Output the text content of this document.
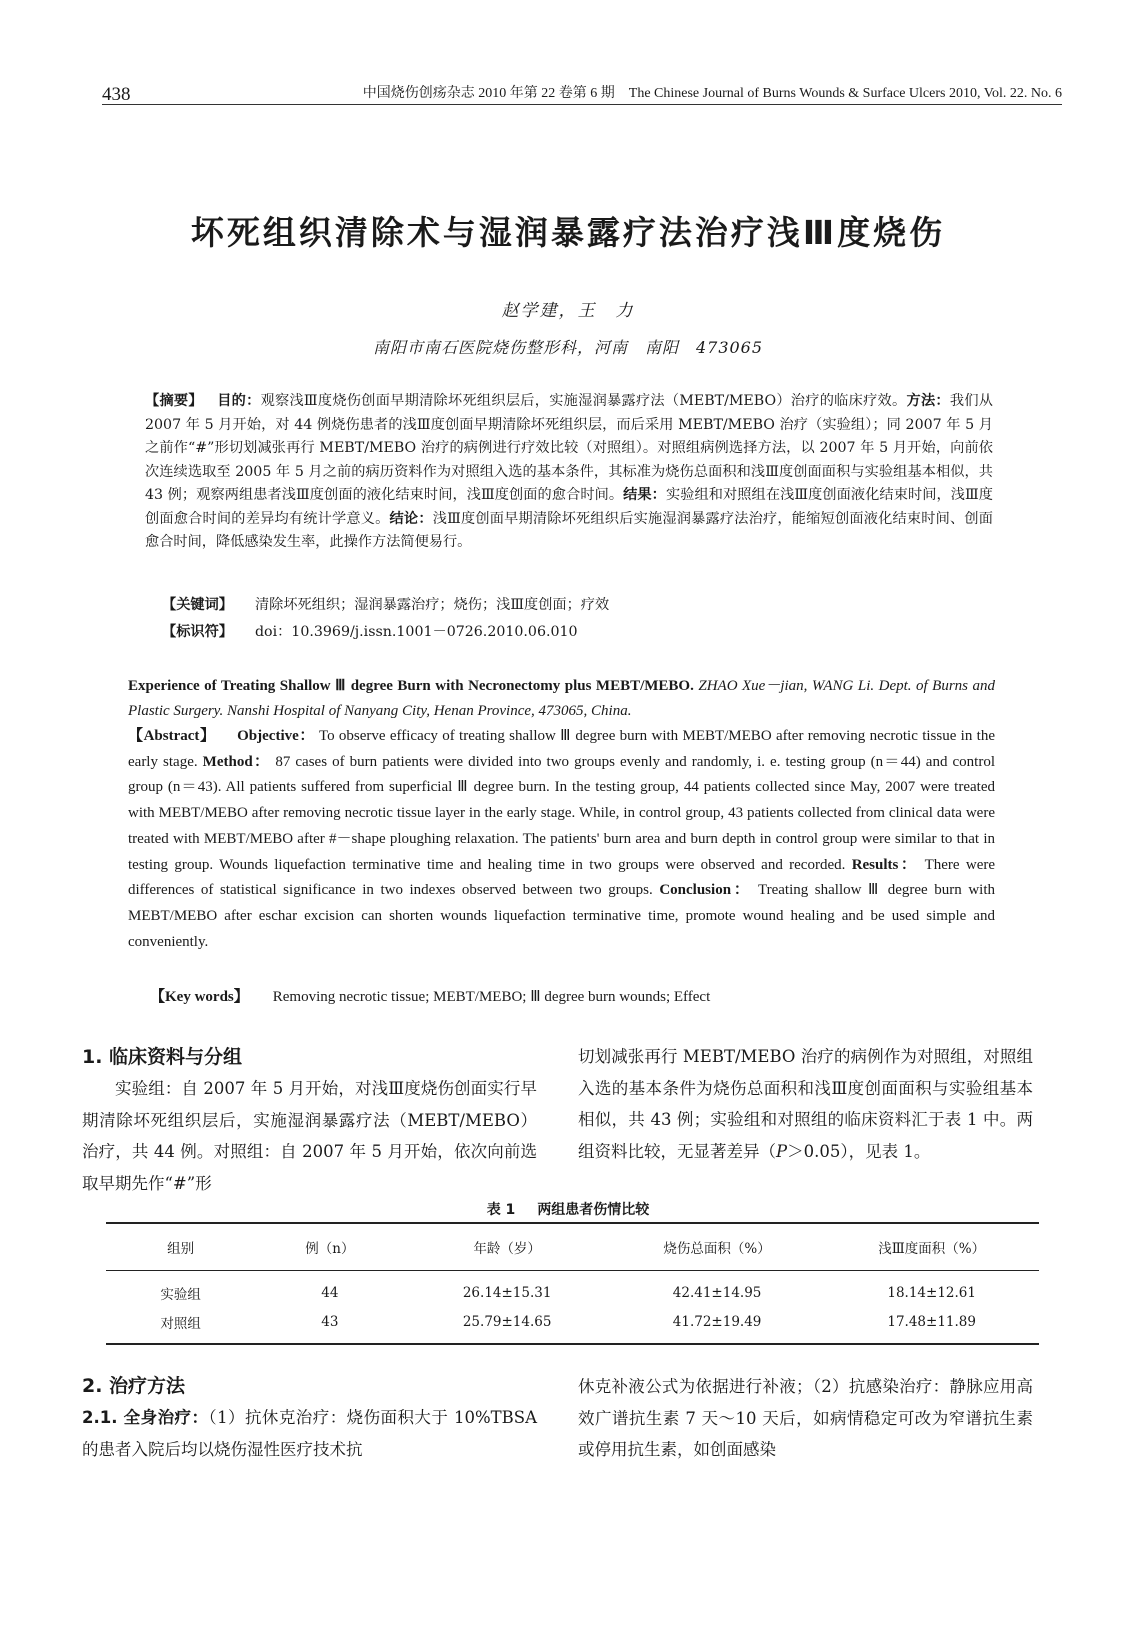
438	中国烧伤创疡杂志 2010 年第 22 卷第 6 期　The Chinese Journal of Burns Wounds & Surface Ulcers 2010, Vol. 22. No. 6
坏死组织清除术与湿润暴露疗法治疗浅Ⅲ度烧伤
赵学建，王　力
南阳市南石医院烧伤整形科，河南　南阳　473065
【摘要】 目的：观察浅Ⅲ度烧伤创面早期清除坏死组织层后，实施湿润暴露疗法（MEBT/MEBO）治疗的临床疗效。方法：我们从 2007 年 5 月开始，对 44 例烧伤患者的浅Ⅲ度创面早期清除坏死组织层，而后采用 MEBT/MEBO 治疗（实验组）；同 2007 年 5 月之前作“#”形切划减张再行 MEBT/MEBO 治疗的病例进行疗效比较（对照组）。对照组病例选择方法，以 2007 年 5 月开始，向前依次连续选取至 2005 年 5 月之前的病历资料作为对照组入选的基本条件，其标准为烧伤总面积和浅Ⅲ度创面面积与实验组基本相似，共 43 例；观察两组患者浅Ⅲ度创面的液化结束时间，浅Ⅲ度创面的愈合时间。结果：实验组和对照组在浅Ⅲ度创面液化结束时间，浅Ⅲ度创面愈合时间的差异均有统计学意义。结论：浅Ⅲ度创面早期清除坏死组织后实施湿润暴露疗法治疗，能缩短创面液化结束时间、创面愈合时间，降低感染发生率，此操作方法简便易行。
【关键词】 清除坏死组织；湿润暴露治疗；烧伤；浅Ⅲ度创面；疗效
【标识符】 doi：10.3969/j.issn.1001－0726.2010.06.010
Experience of Treating Shallow Ⅲ degree Burn with Necronectomy plus MEBT/MEBO. ZHAO Xue－jian, WANG Li. Dept. of Burns and Plastic Surgery. Nanshi Hospital of Nanyang City, Henan Province, 473065, China.
【Abstract】 Objective： To observe efficacy of treating shallow Ⅲ degree burn with MEBT/MEBO after removing necrotic tissue in the early stage. Method： 87 cases of burn patients were divided into two groups evenly and randomly, i. e. testing group (n＝44) and control group (n＝43). All patients suffered from superficial Ⅲ degree burn. In the testing group, 44 patients collected since May, 2007 were treated with MEBT/MEBO after removing necrotic tissue layer in the early stage. While, in control group, 43 patients collected from clinical data were treated with MEBT/MEBO after #－shape ploughing relaxation. The patients' burn area and burn depth in control group were similar to that in testing group. Wounds liquefaction terminative time and healing time in two groups were observed and recorded. Results： There were differences of statistical significance in two indexes observed between two groups. Conclusion： Treating shallow Ⅲ degree burn with MEBT/MEBO after eschar excision can shorten wounds liquefaction terminative time, promote wound healing and be used simple and conveniently.
【Key words】 Removing necrotic tissue; MEBT/MEBO; Ⅲ degree burn wounds; Effect
1. 临床资料与分组
实验组：自 2007 年 5 月开始，对浅Ⅲ度烧伤创面实行早期清除坏死组织层后，实施湿润暴露疗法（MEBT/MEBO）治疗，共 44 例。对照组：自 2007 年 5 月开始，依次向前选取早期先作“#”形
切划减张再行 MEBT/MEBO 治疗的病例作为对照组，对照组入选的基本条件为烧伤总面积和浅Ⅲ度创面面积与实验组基本相似，共 43 例；实验组和对照组的临床资料汇于表 1 中。两组资料比较，无显著差异（P＞0.05），见表 1。
表 1 两组患者伤情比较
组别	例（n）	年龄（岁）	烧伤总面积（%）	浅Ⅲ度面积（%）
实验组	44	26.14±15.31	42.41±14.95	18.14±12.61
对照组	43	25.79±14.65	41.72±19.49	17.48±11.89
2. 治疗方法
2.1. 全身治疗：（1）抗休克治疗：烧伤面积大于 10%TBSA 的患者入院后均以烧伤湿性医疗技术抗
休克补液公式为依据进行补液；（2）抗感染治疗：静脉应用高效广谱抗生素 7 天～10 天后，如病情稳定可改为窄谱抗生素或停用抗生素，如创面感染
